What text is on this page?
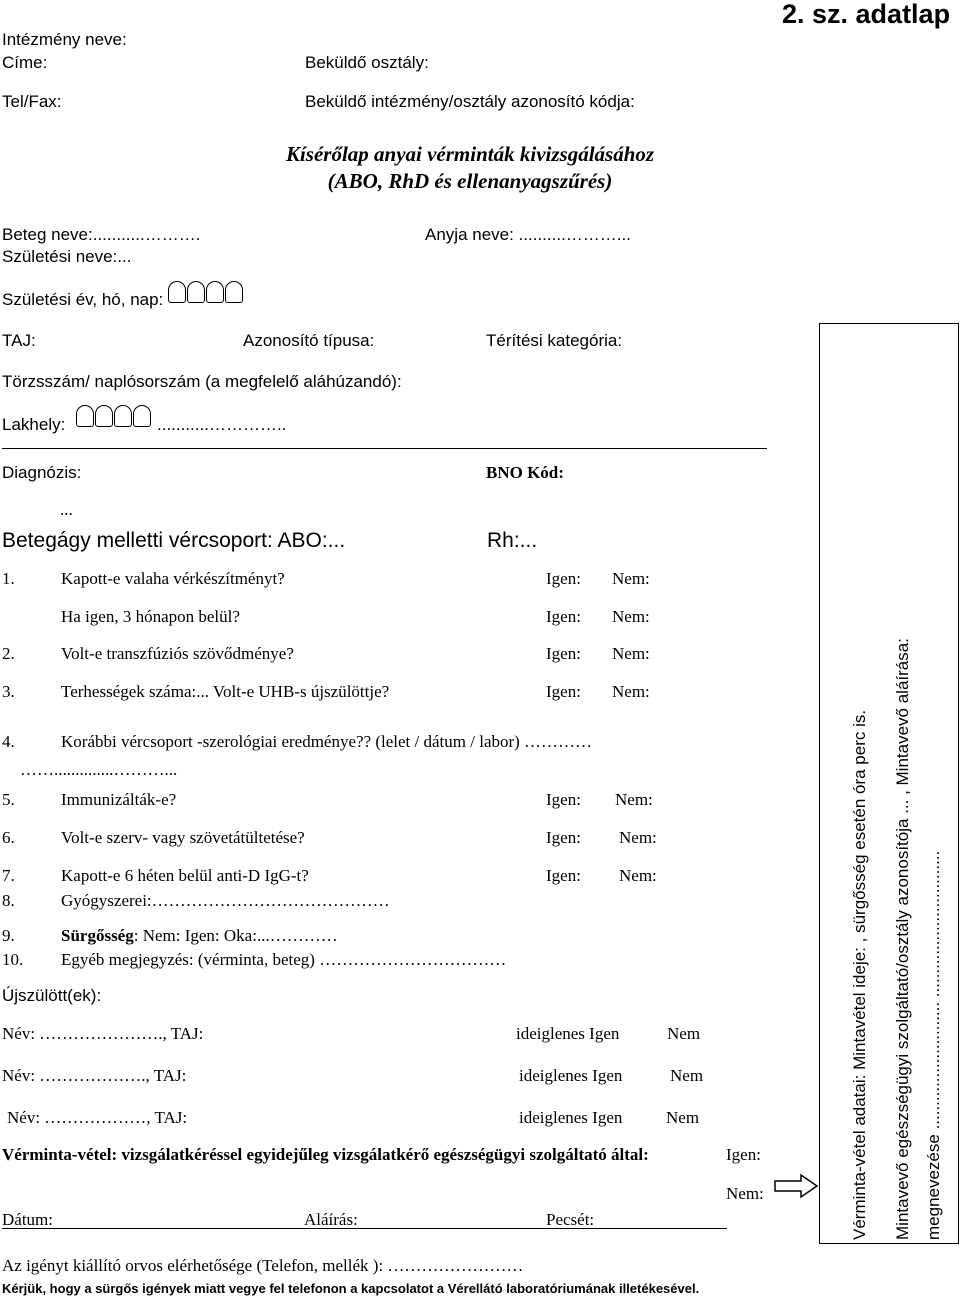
Intézmény neve:
Címe:
Tel/Fax:
Beküldő osztály:
Beküldő intézmény/osztály azonosító kódja:
2. sz. adatlap
Kísérőlap anyai vérminták kivizsgálásához
(ABO, RhD és ellenanyagszűrés)
Beteg neve:...........……….	Anyja neve: ..........………...
Születési neve:...
Születési év, hó, nap:
TAJ:	Azonosító típusa:	Térítési kategória:
Törzsszám/ naplósorszám (a megfelelő aláhúzandó):
Lakhely:	...........…………..
Diagnózis:	BNO Kód:
...
Betegágy melletti vércsoport: ABO:...	Rh:...
1.	Kapott-e valaha vérkészítményt?	Igen: Nem:
Ha igen, 3 hónapon belül?	Igen: Nem:
2.	Volt-e transzfúziós szövődménye?	Igen: Nem:
3.	Terhességek száma:... Volt-e UHB-s újszülöttje?	Igen: Nem:
4.	Korábbi vércsoport -szerológiai eredménye?? (lelet / dátum / labor) …………
……..............………...
5.	Immunizálták-e?	Igen: Nem:
6.	Volt-e szerv- vagy szövetátültetése?	Igen: Nem:
7.	Kapott-e 6 héten belül anti-D IgG-t?	Igen: Nem:
8.	Gyógyszerei:……………………………………
9.	Sürgősség: Nem: Igen: Oka:...…………
10. Egyéb megjegyzés: (vérminta, beteg) ……………………………
Újszülött(ek):
Név: …………………., TAJ:	ideiglenes Igen	Nem
Név: ………………., TAJ:	ideiglenes Igen	Nem
Név: ………………, TAJ:	ideiglenes Igen	Nem
Vérminta-vétel: vizsgálatkéréssel egyidejűleg vizsgálatkérő egészségügyi szolgáltató által:	Igen:
Nem:
Dátum:	Aláírás:	Pecsét:
Az igényt kiállító orvos elérhetősége (Telefon, mellék ): ……………………
Kérjük, hogy a sürgős igények miatt vegye fel telefonon a kapcsolatot a Vérellátó laboratóriumának illetékesével.
Vérminta-vétel adatai: Mintavétel ideje: , sürgősség esetén óra perc is. Mintavevő egészségügyi szolgáltató/osztály azonosítója ... , Mintavevő aláírása: megnevezése ........................... ...............................
